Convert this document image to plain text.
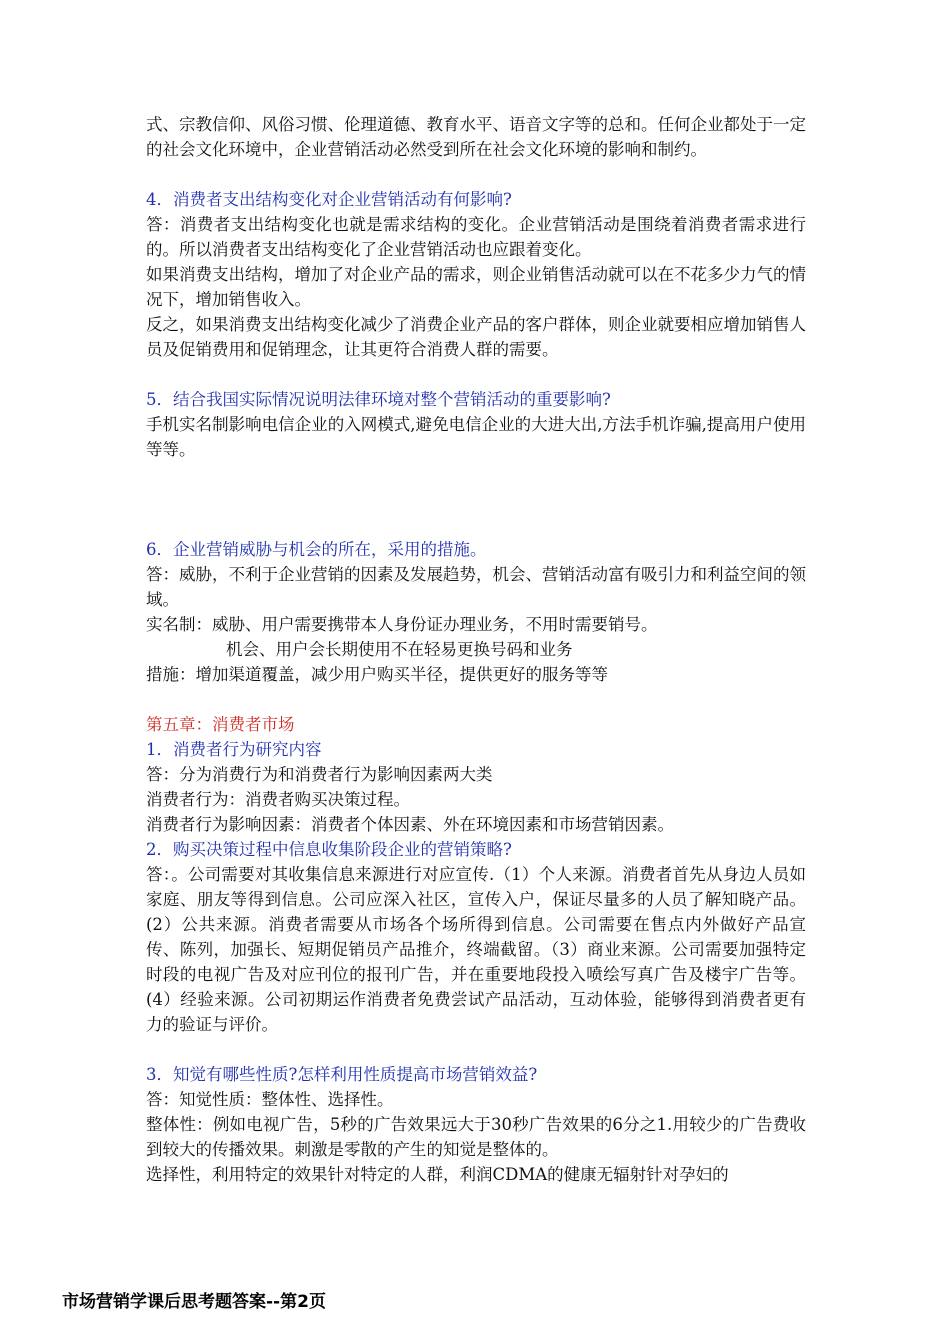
式、宗教信仰、风俗习惯、伦理道德、教育水平、语音文字等的总和。任何企业都处于一定的社会文化环境中，企业营销活动必然受到所在社会文化环境的影响和制约。

4．消费者支出结构变化对企业营销活动有何影响?

答：消费者支出结构变化也就是需求结构的变化。企业营销活动是围绕着消费者需求进行的。所以消费者支出结构变化了企业营销活动也应跟着变化。

如果消费支出结构，增加了对企业产品的需求，则企业销售活动就可以在不花多少力气的情况下，增加销售收入。

反之，如果消费支出结构变化减少了消费企业产品的客户群体，则企业就要相应增加销售人员及促销费用和促销理念，让其更符合消费人群的需要。

5．结合我国实际情况说明法律环境对整个营销活动的重要影响?

手机实名制影响电信企业的入网模式,避免电信企业的大进大出,方法手机诈骗,提高用户使用等等。

6．企业营销威胁与机会的所在，采用的措施。

答：威胁，不利于企业营销的因素及发展趋势，机会、营销活动富有吸引力和利益空间的领域。

实名制：威胁、用户需要携带本人身份证办理业务，不用时需要销号。

机会、用户会长期使用不在轻易更换号码和业务

措施：增加渠道覆盖，减少用户购买半径，提供更好的服务等等

第五章：消费者市场

1．消费者行为研究内容

答：分为消费行为和消费者行为影响因素两大类

消费者行为：消费者购买决策过程。

消费者行为影响因素：消费者个体因素、外在环境因素和市场营销因素。

2．购买决策过程中信息收集阶段企业的营销策略?

答：。公司需要对其收集信息来源进行对应宣传.（1）个人来源。消费者首先从身边人员如家庭、朋友等得到信息。公司应深入社区，宣传入户，保证尽量多的人员了解知晓产品。(2）公共来源。消费者需要从市场各个场所得到信息。公司需要在售点内外做好产品宣传、陈列，加强长、短期促销员产品推介，终端截留。（3）商业来源。公司需要加强特定时段的电视广告及对应刊位的报刊广告，并在重要地段投入喷绘写真广告及楼宇广告等。(4）经验来源。公司初期运作消费者免费尝试产品活动，互动体验，能够得到消费者更有力的验证与评价。

3．知觉有哪些性质?怎样利用性质提高市场营销效益?

答：知觉性质：整体性、选择性。

整体性：例如电视广告，5秒的广告效果远大于30秒广告效果的6分之1.用较少的广告费收到较大的传播效果。刺激是零散的产生的知觉是整体的。

选择性，利用特定的效果针对特定的人群，利润CDMA的健康无辐射针对孕妇的

市场营销学课后思考题答案--第2页
